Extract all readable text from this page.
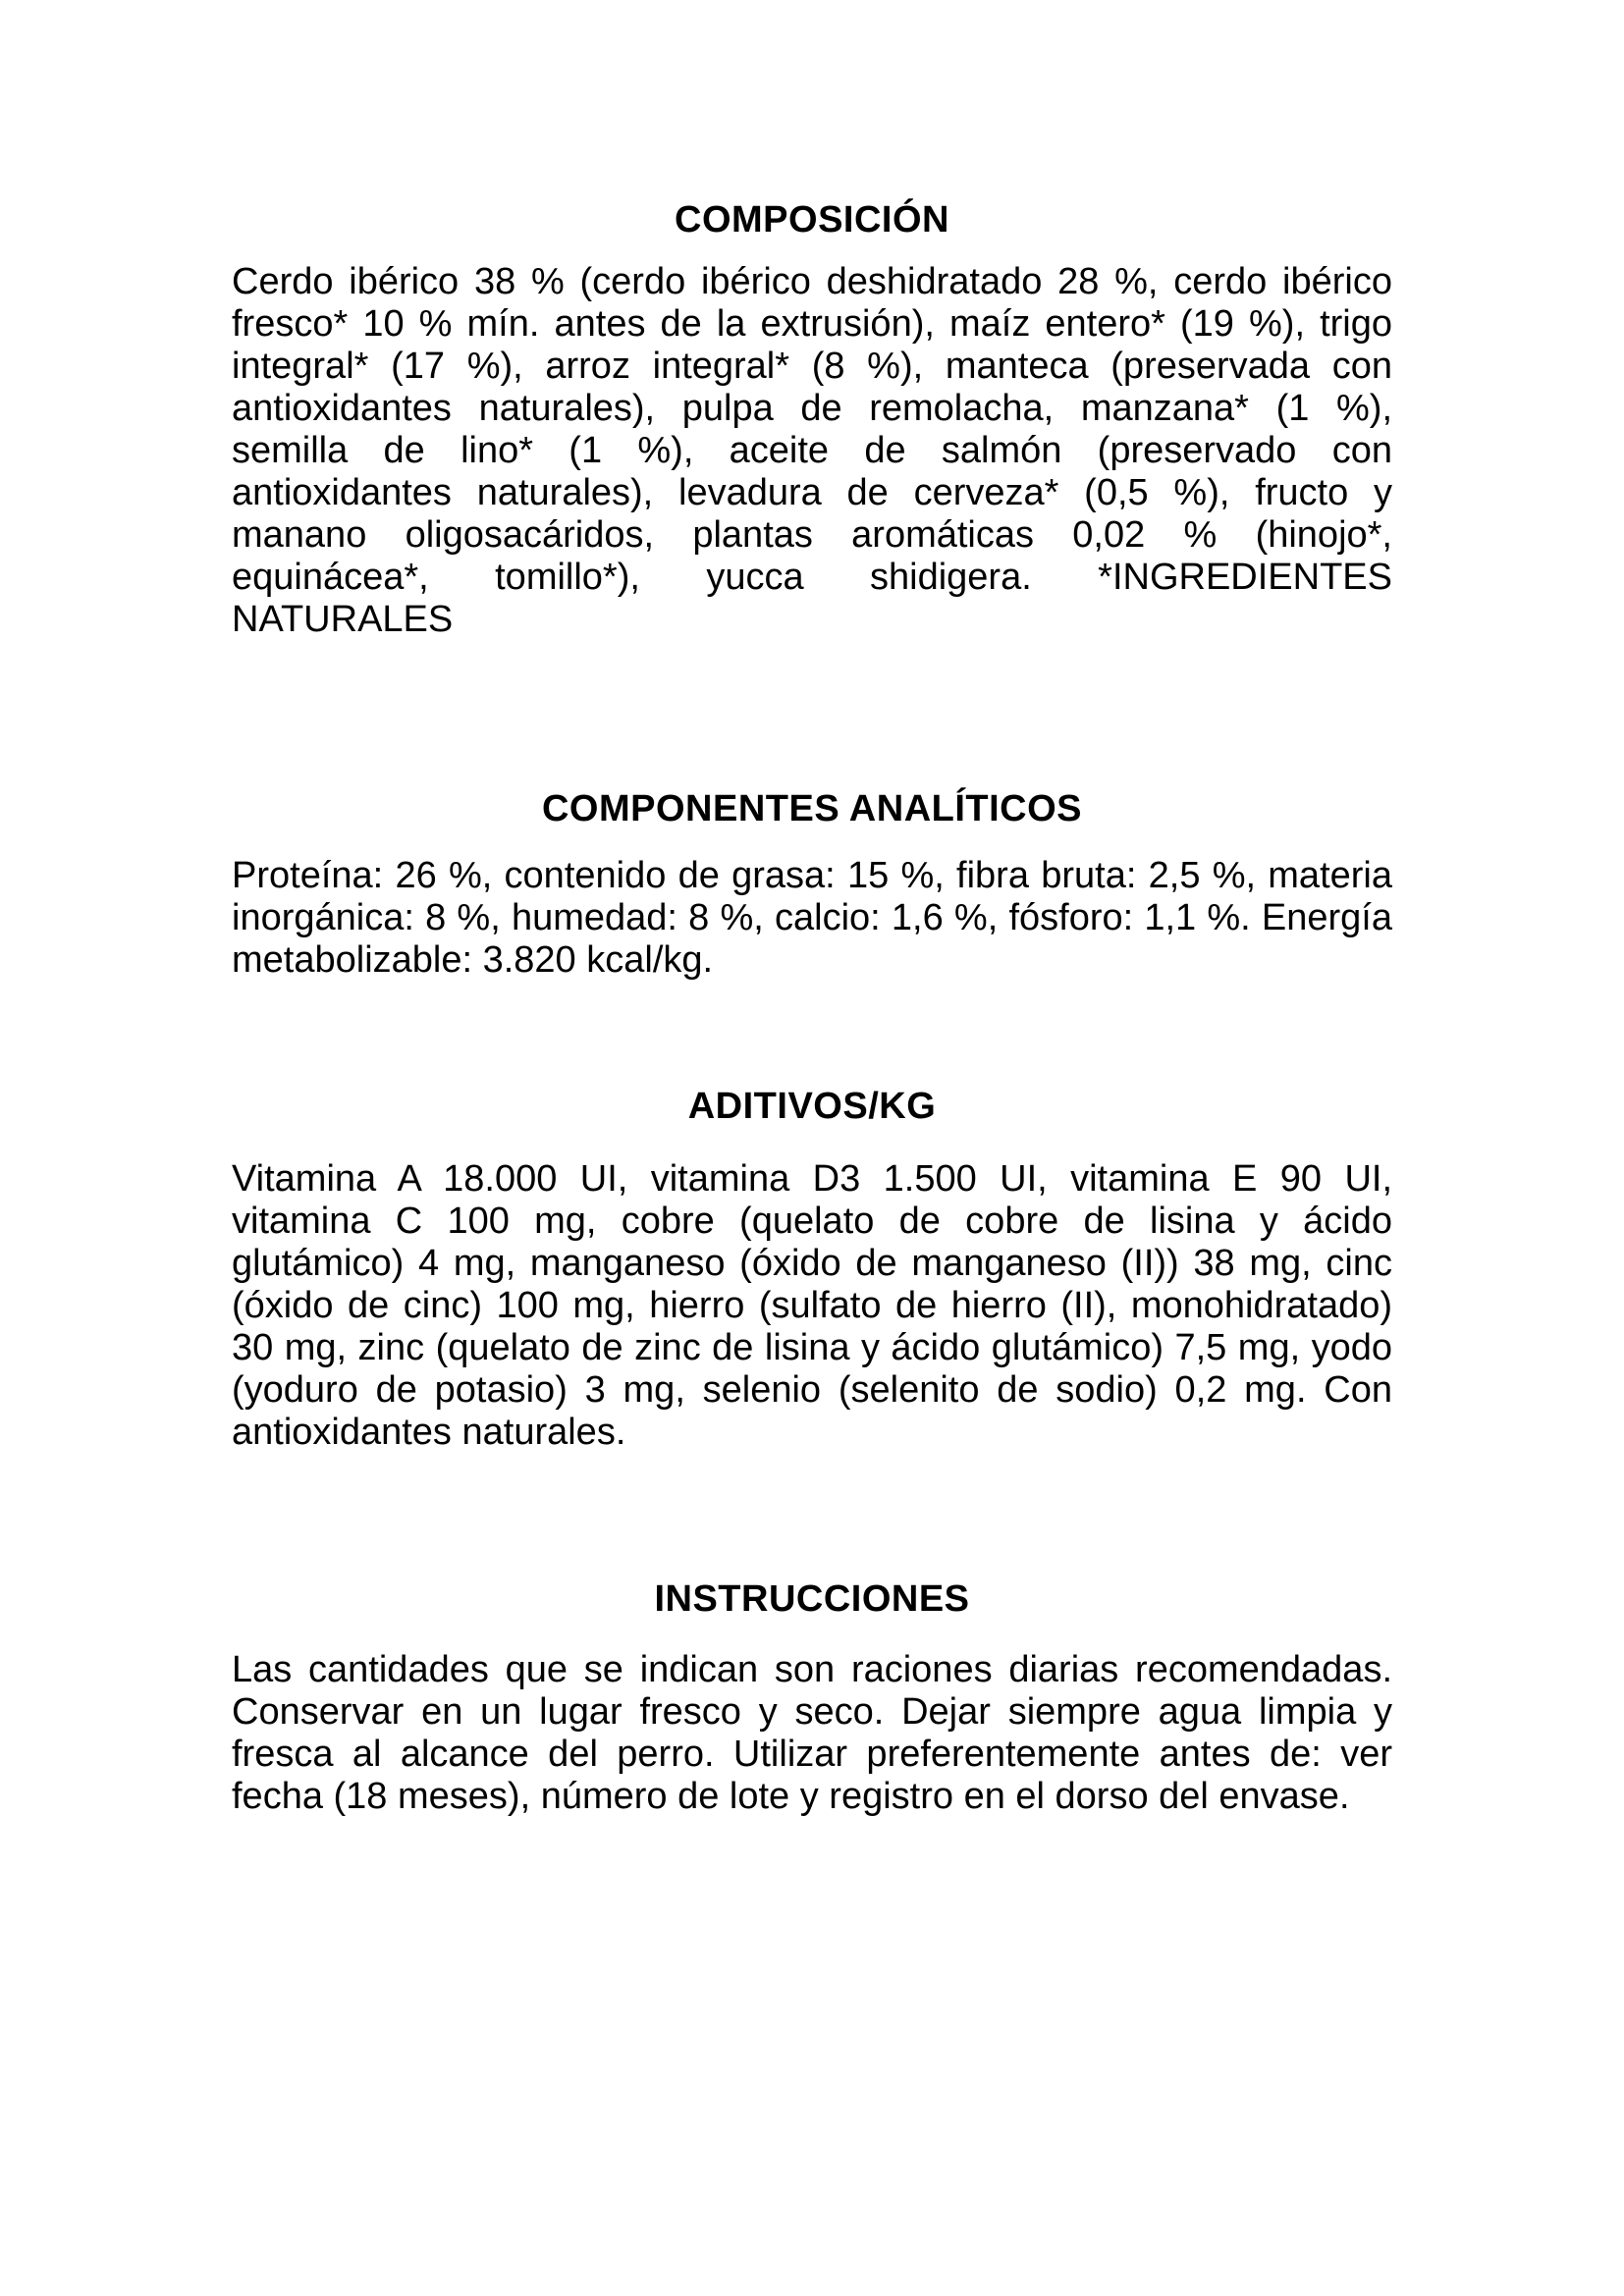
COMPOSICIÓN
Cerdo ibérico 38 % (cerdo ibérico deshidratado 28 %, cerdo ibérico
fresco* 10 % mín. antes de la extrusión), maíz entero* (19 %), trigo
integral* (17 %), arroz integral* (8 %), manteca (preservada con
antioxidantes naturales), pulpa de remolacha, manzana* (1 %),
semilla de lino* (1 %), aceite de salmón (preservado con
antioxidantes naturales), levadura de cerveza* (0,5 %), fructo y
manano oligosacáridos, plantas aromáticas 0,02 % (hinojo*,
equinácea*, tomillo*), yucca shidigera. *INGREDIENTES
NATURALES
COMPONENTES ANALÍTICOS
Proteína: 26 %, contenido de grasa: 15 %, fibra bruta: 2,5 %, materia
inorgánica: 8 %, humedad: 8 %, calcio: 1,6 %, fósforo: 1,1 %. Energía
metabolizable: 3.820 kcal/kg.
ADITIVOS/KG
Vitamina A 18.000 UI, vitamina D3 1.500 UI, vitamina E 90 UI,
vitamina C 100 mg, cobre (quelato de cobre de lisina y ácido
glutámico) 4 mg, manganeso (óxido de manganeso (II)) 38 mg, cinc
(óxido de cinc) 100 mg, hierro (sulfato de hierro (II), monohidratado)
30 mg, zinc (quelato de zinc de lisina y ácido glutámico) 7,5 mg, yodo
(yoduro de potasio) 3 mg, selenio (selenito de sodio) 0,2 mg. Con
antioxidantes naturales.
INSTRUCCIONES
Las cantidades que se indican son raciones diarias recomendadas.
Conservar en un lugar fresco y seco. Dejar siempre agua limpia y
fresca al alcance del perro. Utilizar preferentemente antes de: ver
fecha (18 meses), número de lote y registro en el dorso del envase.
